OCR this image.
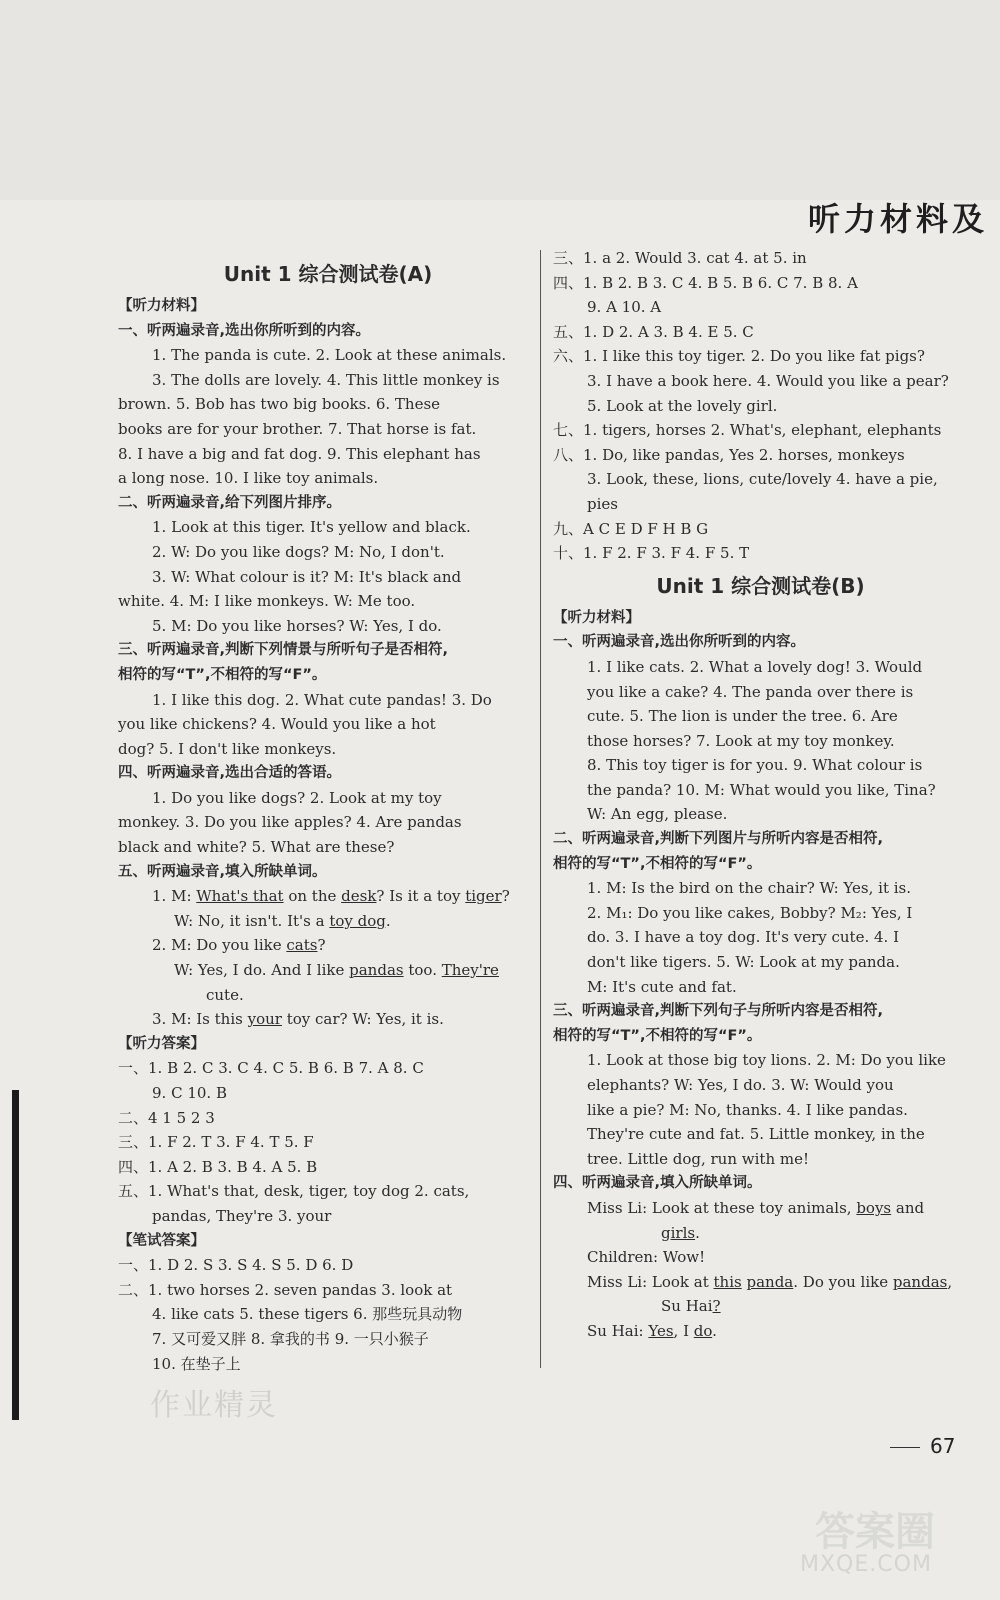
听力材料及
Unit 1 综合测试卷(A)
【听力材料】
一、听两遍录音,选出你所听到的内容。
1. The panda is cute. 2. Look at these animals.
3. The dolls are lovely. 4. This little monkey is
brown. 5. Bob has two big books. 6. These
books are for your brother. 7. That horse is fat.
8. I have a big and fat dog. 9. This elephant has
a long nose. 10. I like toy animals.
二、听两遍录音,给下列图片排序。
1. Look at this tiger. It's yellow and black.
2. W: Do you like dogs? M: No, I don't.
3. W: What colour is it? M: It's black and
white. 4. M: I like monkeys. W: Me too.
5. M: Do you like horses? W: Yes, I do.
三、听两遍录音,判断下列情景与所听句子是否相符,
相符的写“T”,不相符的写“F”。
1. I like this dog. 2. What cute pandas! 3. Do
you like chickens? 4. Would you like a hot
dog? 5. I don't like monkeys.
四、听两遍录音,选出合适的答语。
1. Do you like dogs? 2. Look at my toy
monkey. 3. Do you like apples? 4. Are pandas
black and white? 5. What are these?
五、听两遍录音,填入所缺单词。
1. M: What's that on the desk? Is it a toy tiger?
W: No, it isn't. It's a toy dog.
2. M: Do you like cats?
W: Yes, I do. And I like pandas too. They're
cute.
3. M: Is this your toy car? W: Yes, it is.
【听力答案】
一、1. B 2. C 3. C 4. C 5. B 6. B 7. A 8. C
9. C 10. B
二、4 1 5 2 3
三、1. F 2. T 3. F 4. T 5. F
四、1. A 2. B 3. B 4. A 5. B
五、1. What's that, desk, tiger, toy dog 2. cats,
pandas, They're 3. your
【笔试答案】
一、1. D 2. S 3. S 4. S 5. D 6. D
二、1. two horses 2. seven pandas 3. look at
4. like cats 5. these tigers 6. 那些玩具动物
7. 又可爱又胖 8. 拿我的书 9. 一只小猴子
10. 在垫子上
三、1. a 2. Would 3. cat 4. at 5. in
四、1. B 2. B 3. C 4. B 5. B 6. C 7. B 8. A
9. A 10. A
五、1. D 2. A 3. B 4. E 5. C
六、1. I like this toy tiger. 2. Do you like fat pigs?
3. I have a book here. 4. Would you like a pear?
5. Look at the lovely girl.
七、1. tigers, horses 2. What's, elephant, elephants
八、1. Do, like pandas, Yes 2. horses, monkeys
3. Look, these, lions, cute/lovely 4. have a pie,
pies
九、A C E D F H B G
十、1. F 2. F 3. F 4. F 5. T
Unit 1 综合测试卷(B)
【听力材料】
一、听两遍录音,选出你所听到的内容。
1. I like cats. 2. What a lovely dog! 3. Would
you like a cake? 4. The panda over there is
cute. 5. The lion is under the tree. 6. Are
those horses? 7. Look at my toy monkey.
8. This toy tiger is for you. 9. What colour is
the panda? 10. M: What would you like, Tina?
W: An egg, please.
二、听两遍录音,判断下列图片与所听内容是否相符,
相符的写“T”,不相符的写“F”。
1. M: Is the bird on the chair? W: Yes, it is.
2. M₁: Do you like cakes, Bobby? M₂: Yes, I
do. 3. I have a toy dog. It's very cute. 4. I
don't like tigers. 5. W: Look at my panda.
M: It's cute and fat.
三、听两遍录音,判断下列句子与所听内容是否相符,
相符的写“T”,不相符的写“F”。
1. Look at those big toy lions. 2. M: Do you like
elephants? W: Yes, I do. 3. W: Would you
like a pie? M: No, thanks. 4. I like pandas.
They're cute and fat. 5. Little monkey, in the
tree. Little dog, run with me!
四、听两遍录音,填入所缺单词。
Miss Li: Look at these toy animals, boys and
girls.
Children: Wow!
Miss Li: Look at this panda. Do you like pandas,
Su Hai?
Su Hai: Yes, I do.
67
作业精灵
答案圈
MXQE.COM
